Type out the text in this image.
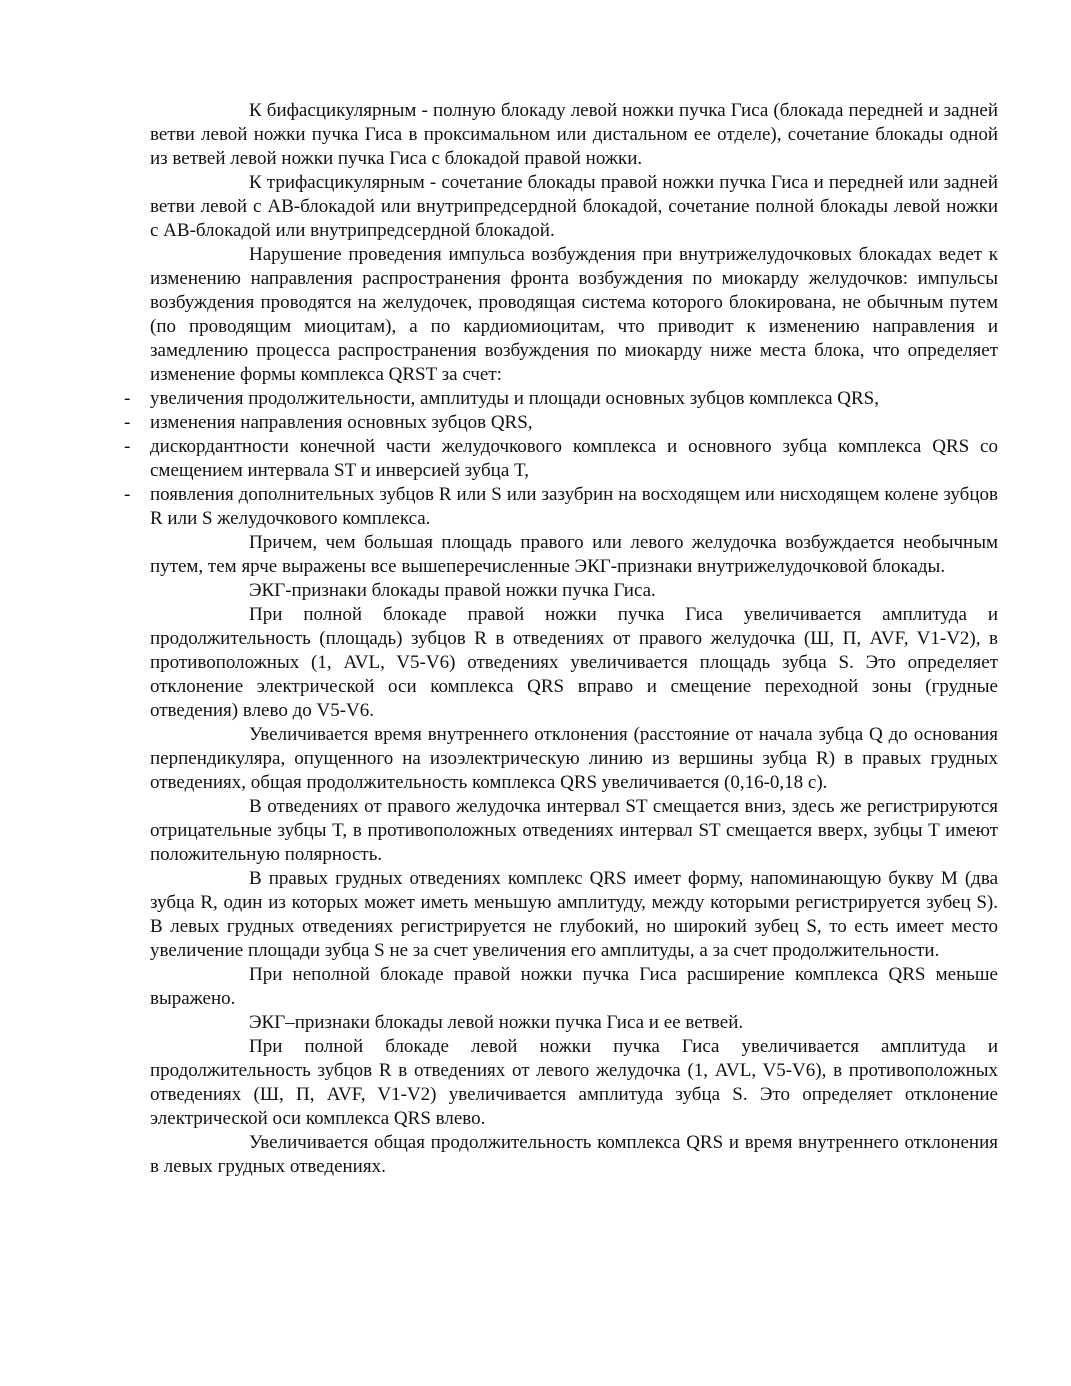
К бифасцикулярным - полную блокаду левой ножки пучка Гиса (блокада передней и задней ветви левой ножки пучка Гиса в проксимальном или дистальном ее отделе), сочетание блокады одной из ветвей левой ножки пучка Гиса с блокадой правой ножки.

К трифасцикулярным - сочетание блокады правой ножки пучка Гиса и передней или задней ветви левой с АВ-блокадой или внутрипредсердной блокадой, сочетание полной блокады левой ножки с АВ-блокадой или внутрипредсердной блокадой.

Нарушение проведения импульса возбуждения при внутрижелудочковых блокадах ведет к изменению направления распространения фронта возбуждения по миокарду желудочков: импульсы возбуждения проводятся на желудочек, проводящая система которого блокирована, не обычным путем (по проводящим миоцитам), а по кардиомиоцитам, что приводит к изменению направления и замедлению процесса распространения возбуждения по миокарду ниже места блока, что определяет изменение формы комплекса QRST за счет:

- увеличения продолжительности, амплитуды и площади основных зубцов комплекса QRS,
- изменения направления основных зубцов QRS,
- дискордантности конечной части желудочкового комплекса и основного зубца комплекса QRS со смещением интервала ST и инверсией зубца T,
- появления дополнительных зубцов R или S или зазубрин на восходящем или нисходящем колене зубцов R или S желудочкового комплекса.

Причем, чем большая площадь правого или левого желудочка возбуждается необычным путем, тем ярче выражены все вышеперечисленные ЭКГ-признаки внутрижелудочковой блокады.

ЭКГ-признаки блокады правой ножки пучка Гиса.

При полной блокаде правой ножки пучка Гиса увеличивается амплитуда и продолжительность (площадь) зубцов R в отведениях от правого желудочка (Ш, П, AVF, V1-V2), в противоположных (1, AVL, V5-V6) отведениях увеличивается площадь зубца S. Это определяет отклонение электрической оси комплекса QRS вправо и смещение переходной зоны (грудные отведения) влево до V5-V6.

Увеличивается время внутреннего отклонения (расстояние от начала зубца Q до основания перпендикуляра, опущенного на изоэлектрическую линию из вершины зубца R) в правых грудных отведениях, общая продолжительность комплекса QRS увеличивается (0,16-0,18 с).

В отведениях от правого желудочка интервал ST смещается вниз, здесь же регистрируются отрицательные зубцы T, в противоположных отведениях интервал ST смещается вверх, зубцы T имеют положительную полярность.

В правых грудных отведениях комплекс QRS имеет форму, напоминающую букву М (два зубца R, один из которых может иметь меньшую амплитуду, между которыми регистрируется зубец S). В левых грудных отведениях регистрируется не глубокий, но широкий зубец S, то есть имеет место увеличение площади зубца S не за счет увеличения его амплитуды, а за счет продолжительности.

При неполной блокаде правой ножки пучка Гиса расширение комплекса QRS меньше выражено.

ЭКГ–признаки блокады левой ножки пучка Гиса и ее ветвей.

При полной блокаде левой ножки пучка Гиса увеличивается амплитуда и продолжительность зубцов R в отведениях от левого желудочка (1, AVL, V5-V6), в противоположных отведениях (Ш, П, AVF, V1-V2) увеличивается амплитуда зубца S. Это определяет отклонение электрической оси комплекса QRS влево.

Увеличивается общая продолжительность комплекса QRS и время внутреннего отклонения в левых грудных отведениях.
